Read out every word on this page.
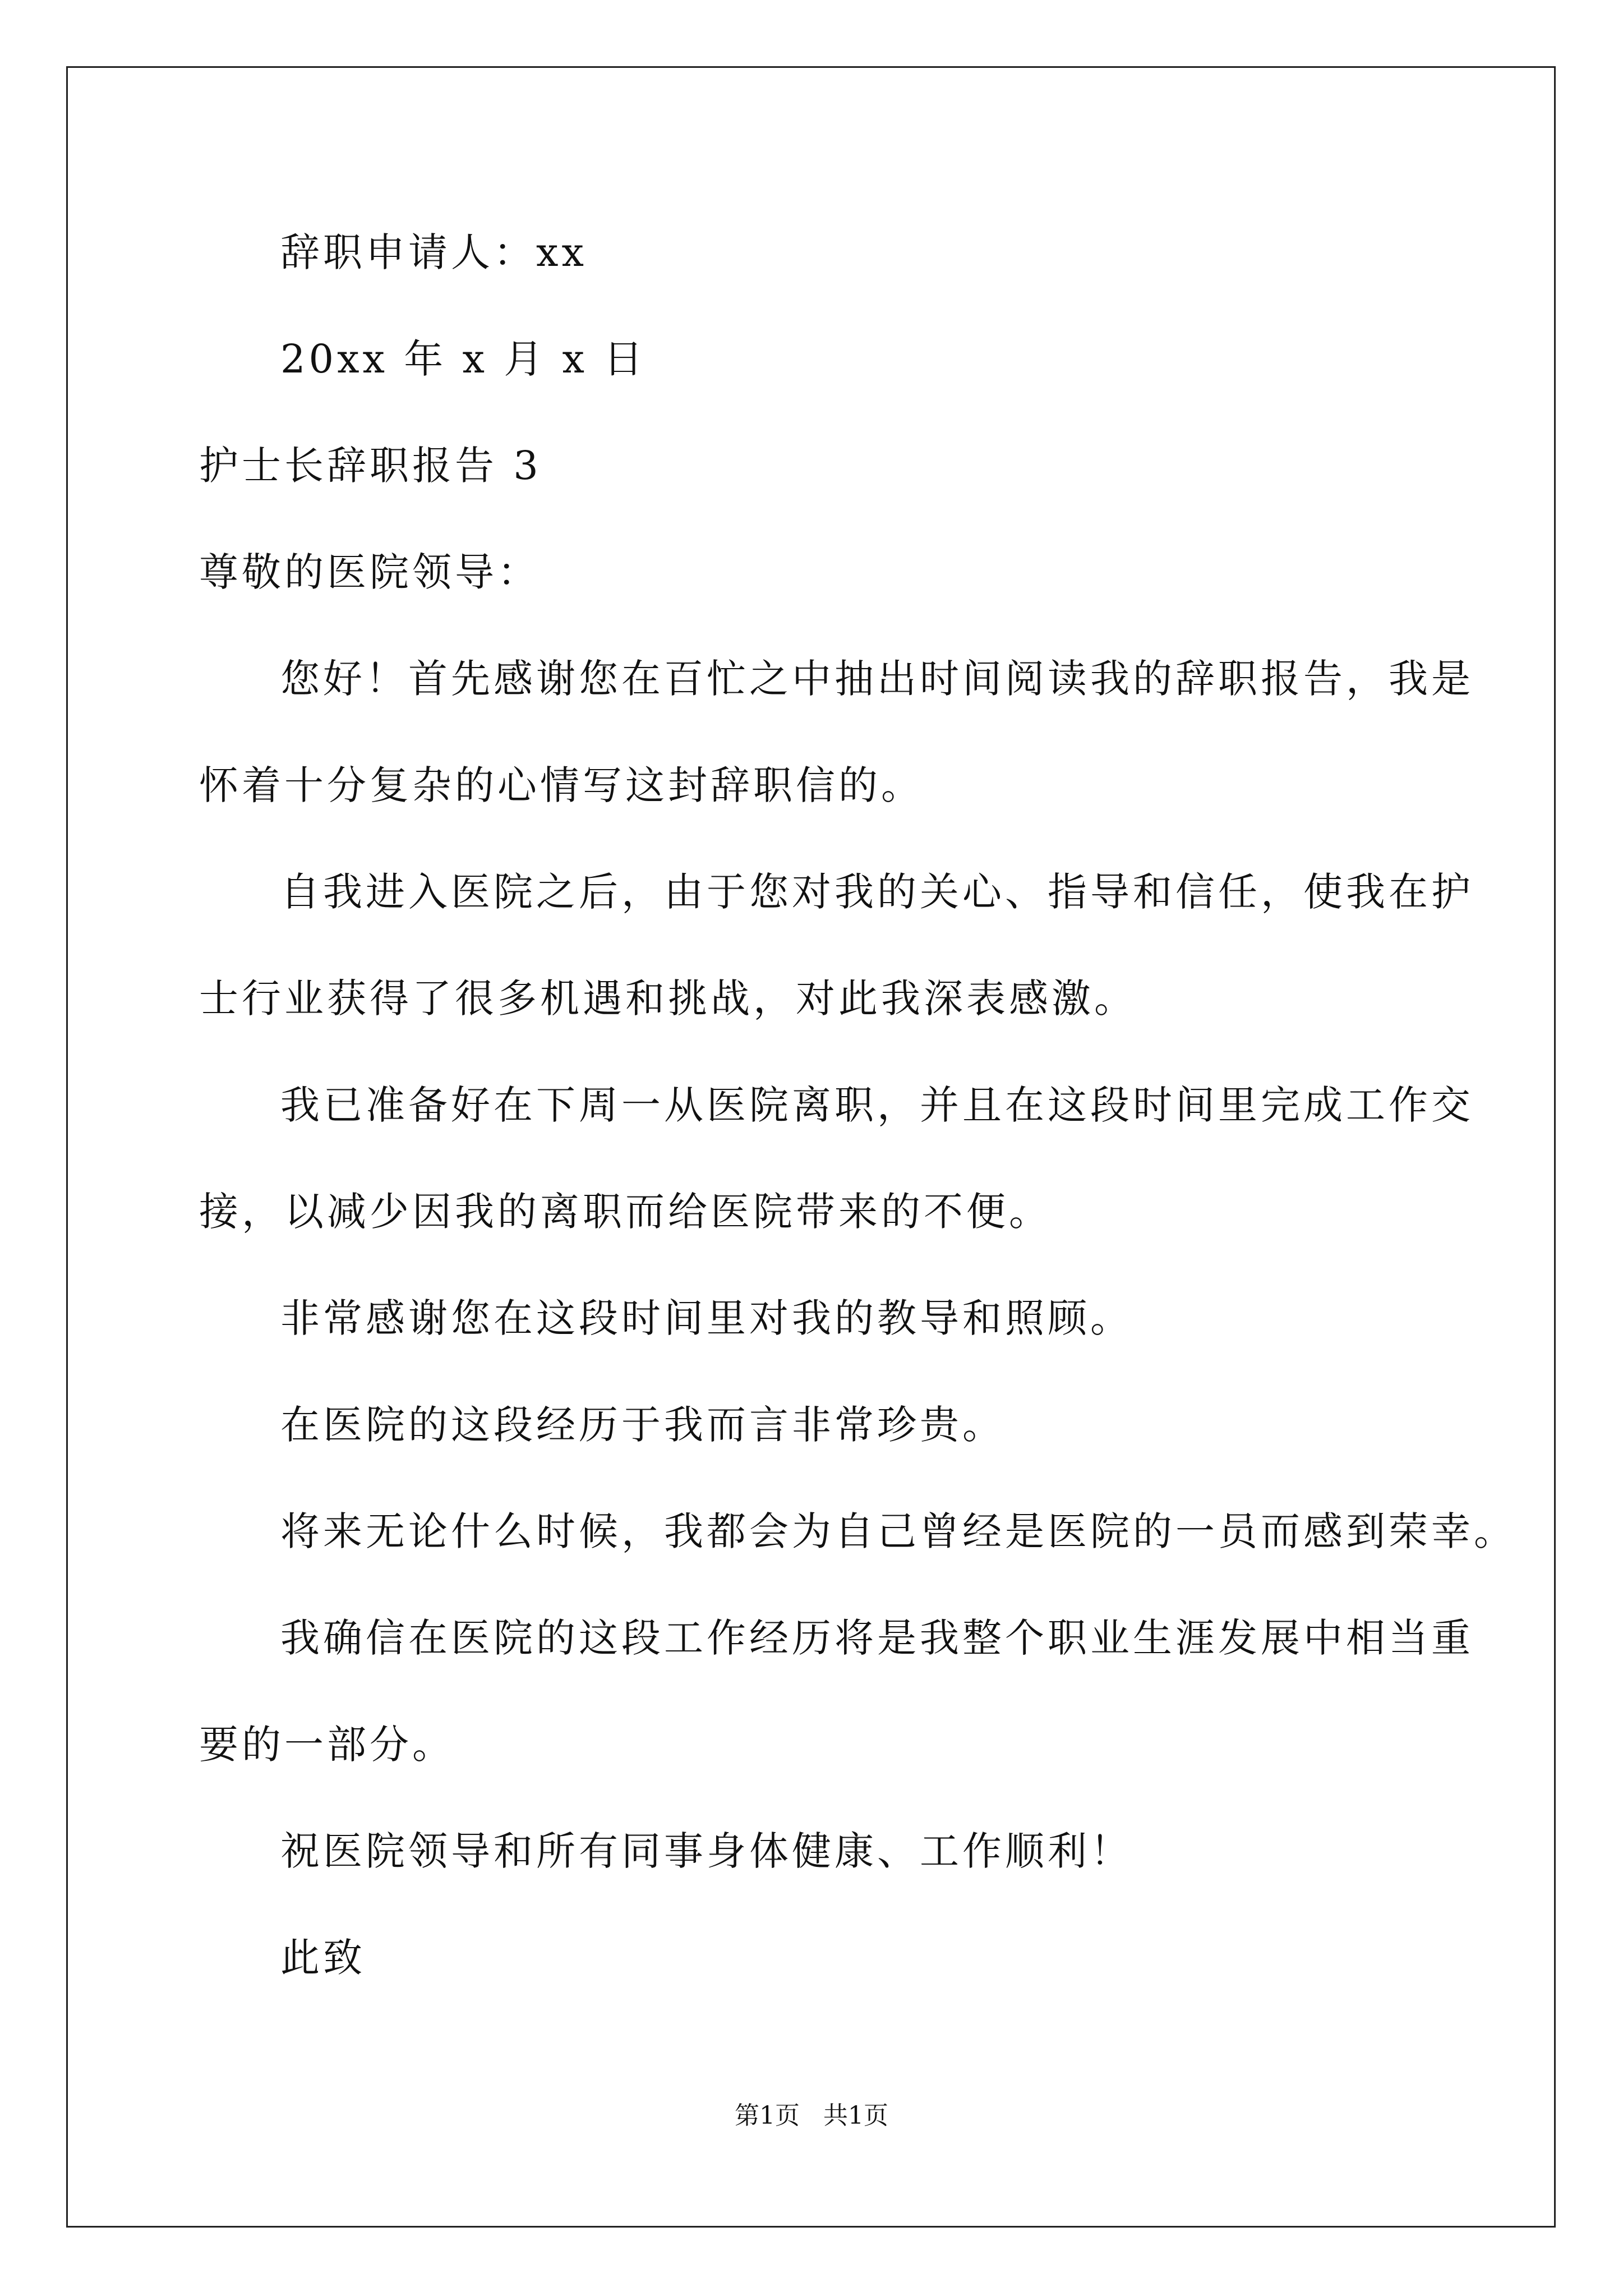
辞职申请人：xx

20xx 年 x 月 x 日

护士长辞职报告 3

尊敬的医院领导：

您好！首先感谢您在百忙之中抽出时间阅读我的辞职报告，我是

怀着十分复杂的心情写这封辞职信的。

自我进入医院之后，由于您对我的关心、指导和信任，使我在护

士行业获得了很多机遇和挑战，对此我深表感激。

我已准备好在下周一从医院离职，并且在这段时间里完成工作交

接，以减少因我的离职而给医院带来的不便。

非常感谢您在这段时间里对我的教导和照顾。

在医院的这段经历于我而言非常珍贵。

将来无论什么时候，我都会为自己曾经是医院的一员而感到荣幸。

我确信在医院的这段工作经历将是我整个职业生涯发展中相当重

要的一部分。

祝医院领导和所有同事身体健康、工作顺利！

此致

第1页   共1页
